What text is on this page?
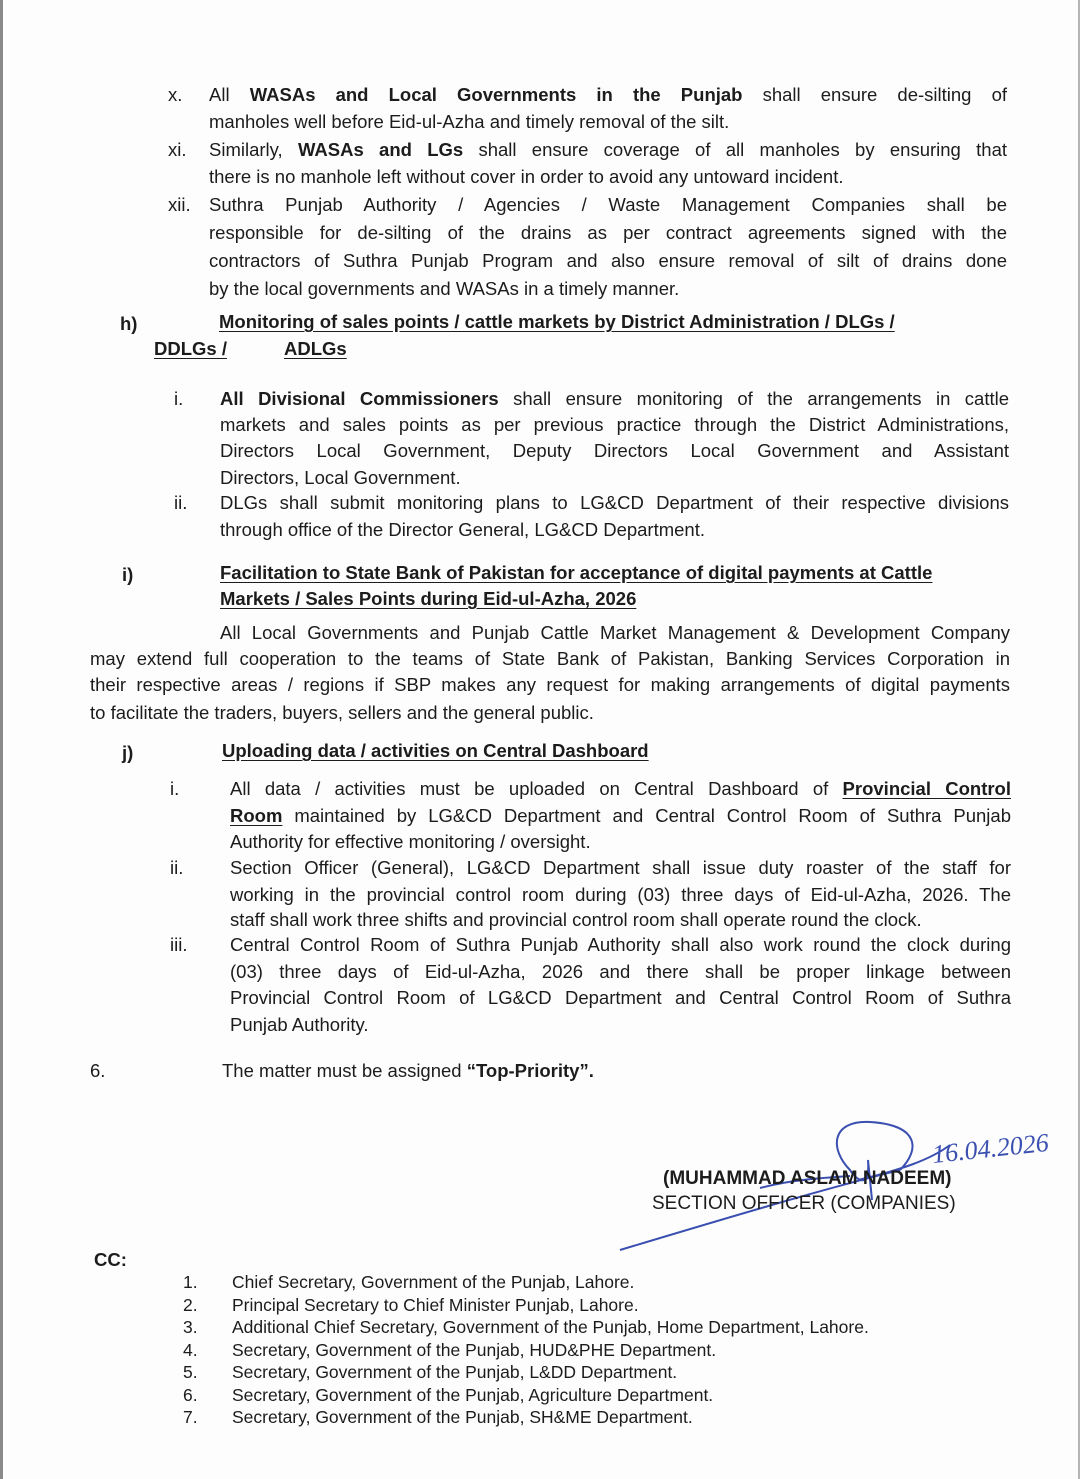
x. All WASAs and Local Governments in the Punjab shall ensure de-silting of
manholes well before Eid-ul-Azha and timely removal of the silt.
xi. Similarly, WASAs and LGs shall ensure coverage of all manholes by ensuring that
there is no manhole left without cover in order to avoid any untoward incident.
xii. Suthra Punjab Authority / Agencies / Waste Management Companies shall be
responsible for de-silting of the drains as per contract agreements signed with the
contractors of Suthra Punjab Program and also ensure removal of silt of drains done
by the local governments and WASAs in a timely manner.
i. All Divisional Commissioners shall ensure monitoring of the arrangements in cattle
markets and sales points as per previous practice through the District Administrations,
Directors Local Government, Deputy Directors Local Government and Assistant
Directors, Local Government.
ii. DLGs shall submit monitoring plans to LG&CD Department of their respective divisions
through office of the Director General, LG&CD Department.
i.	All data / activities must be uploaded on Central Dashboard of Provincial Control
Room maintained by LG&CD Department and Central Control Room of Suthra Punjab
Authority for effective monitoring / oversight.
ii.	Section Officer (General), LG&CD Department shall issue duty roaster of the staff for
working in the provincial control room during (03) three days of Eid-ul-Azha, 2026. The
staff shall work three shifts and provincial control room shall operate round the clock.
iii. Central Control Room of Suthra Punjab Authority shall also work round the clock during
(03) three days of Eid-ul-Azha, 2026 and there shall be proper linkage between
Provincial Control Room of LG&CD Department and Central Control Room of Suthra
Punjab Authority.
All Local Governments and Punjab Cattle Market Management & Development Company
may extend full cooperation to the teams of State Bank of Pakistan, Banking Services Corporation in
their respective areas / regions if SBP makes any request for making arrangements of digital payments
to facilitate the traders, buyers, sellers and the general public.
h)	Monitoring of sales points / cattle markets by District Administration / DLGs /
DDLGs /	ADLGs
i)	Facilitation to State Bank of Pakistan for acceptance of digital payments at Cattle
Markets / Sales Points during Eid-ul-Azha, 2026
j)	Uploading data / activities on Central Dashboard
6.	The matter must be assigned “Top-Priority”.
16.04.2026
(MUHAMMAD ASLAM NADEEM)
SECTION OFFICER (COMPANIES)
CC:
1. Chief Secretary, Government of the Punjab, Lahore.
2. Principal Secretary to Chief Minister Punjab, Lahore.
3. Additional Chief Secretary, Government of the Punjab, Home Department, Lahore.
4. Secretary, Government of the Punjab, HUD&PHE Department.
5. Secretary, Government of the Punjab, L&DD Department.
6. Secretary, Government of the Punjab, Agriculture Department.
7. Secretary, Government of the Punjab, SH&ME Department.
